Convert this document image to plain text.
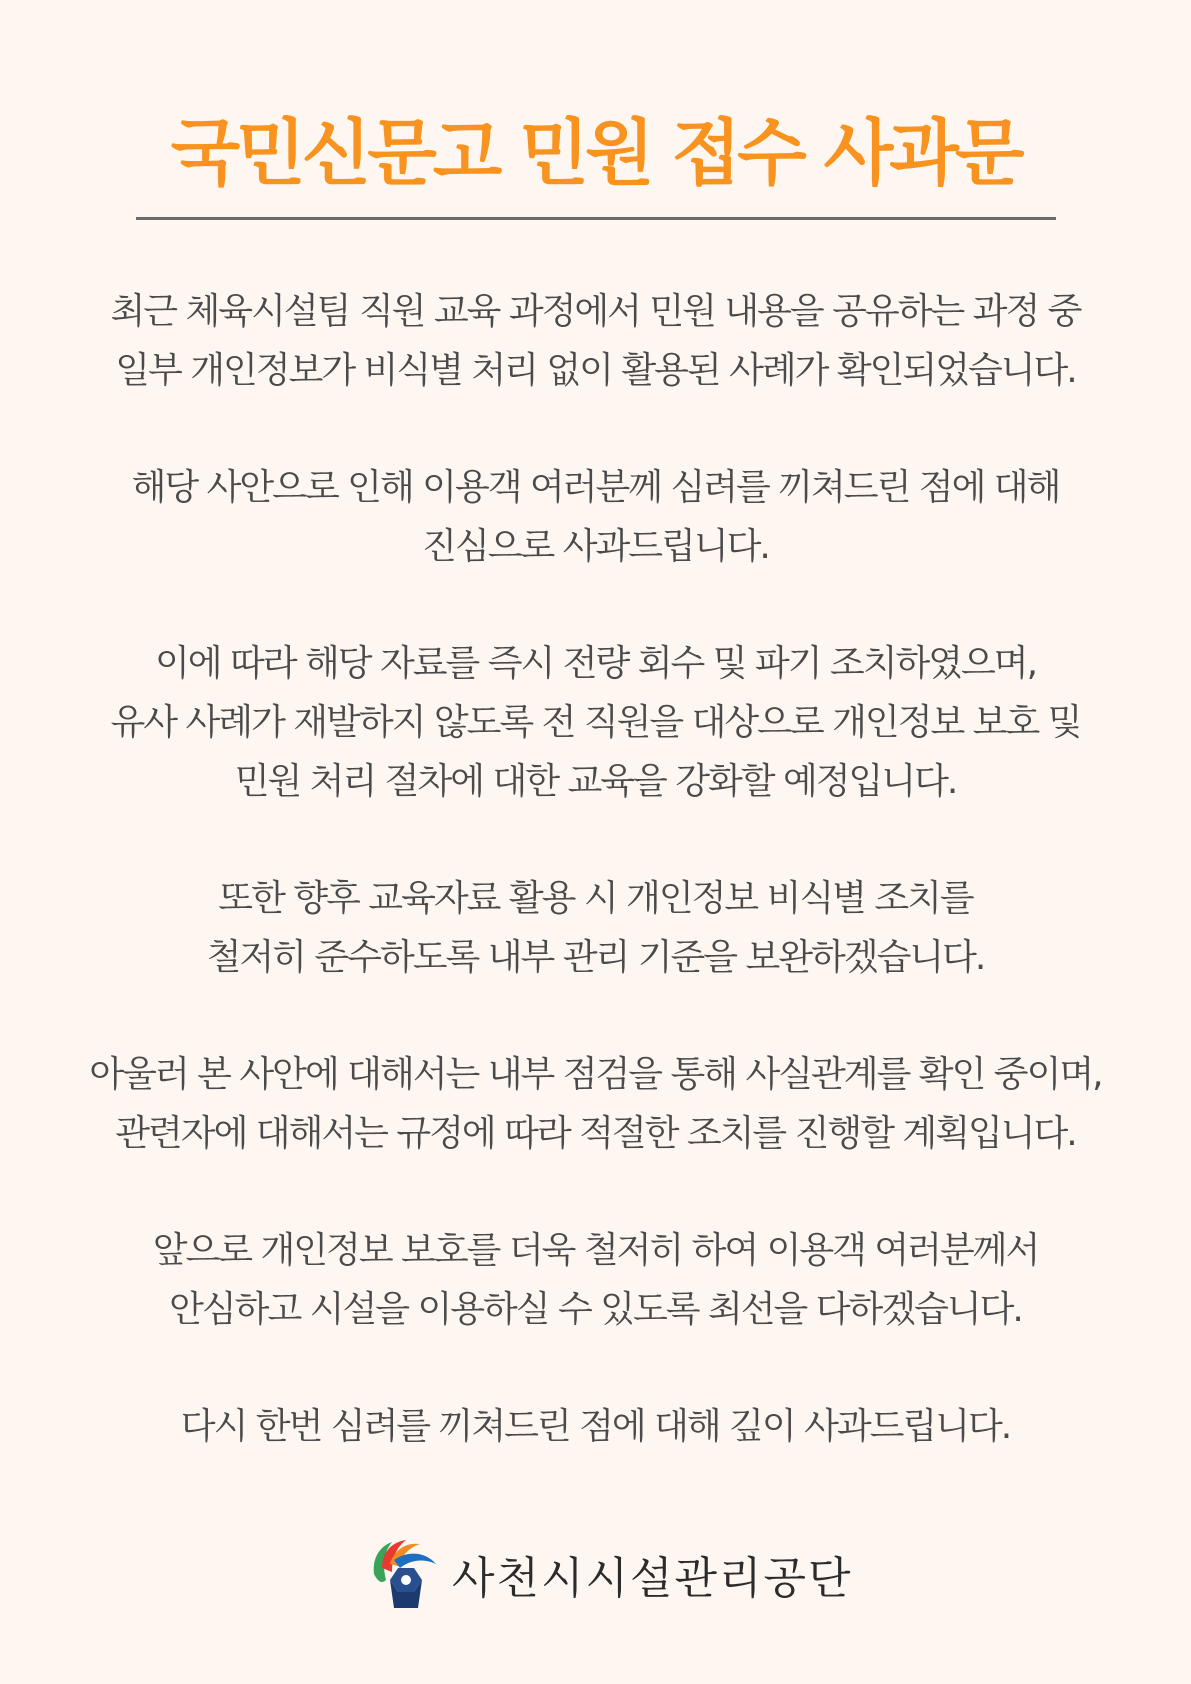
국민신문고 민원 접수 사과문

최근 체육시설팀 직원 교육 과정에서 민원 내용을 공유하는 과정 중
일부 개인정보가 비식별 처리 없이 활용된 사례가 확인되었습니다.

해당 사안으로 인해 이용객 여러분께 심려를 끼쳐드린 점에 대해
진심으로 사과드립니다.

이에 따라 해당 자료를 즉시 전량 회수 및 파기 조치하였으며,
유사 사례가 재발하지 않도록 전 직원을 대상으로 개인정보 보호 및
민원 처리 절차에 대한 교육을 강화할 예정입니다.

또한 향후 교육자료 활용 시 개인정보 비식별 조치를
철저히 준수하도록 내부 관리 기준을 보완하겠습니다.

아울러 본 사안에 대해서는 내부 점검을 통해 사실관계를 확인 중이며,
관련자에 대해서는 규정에 따라 적절한 조치를 진행할 계획입니다.

앞으로 개인정보 보호를 더욱 철저히 하여 이용객 여러분께서
안심하고 시설을 이용하실 수 있도록 최선을 다하겠습니다.

다시 한번 심려를 끼쳐드린 점에 대해 깊이 사과드립니다.

사천시시설관리공단
